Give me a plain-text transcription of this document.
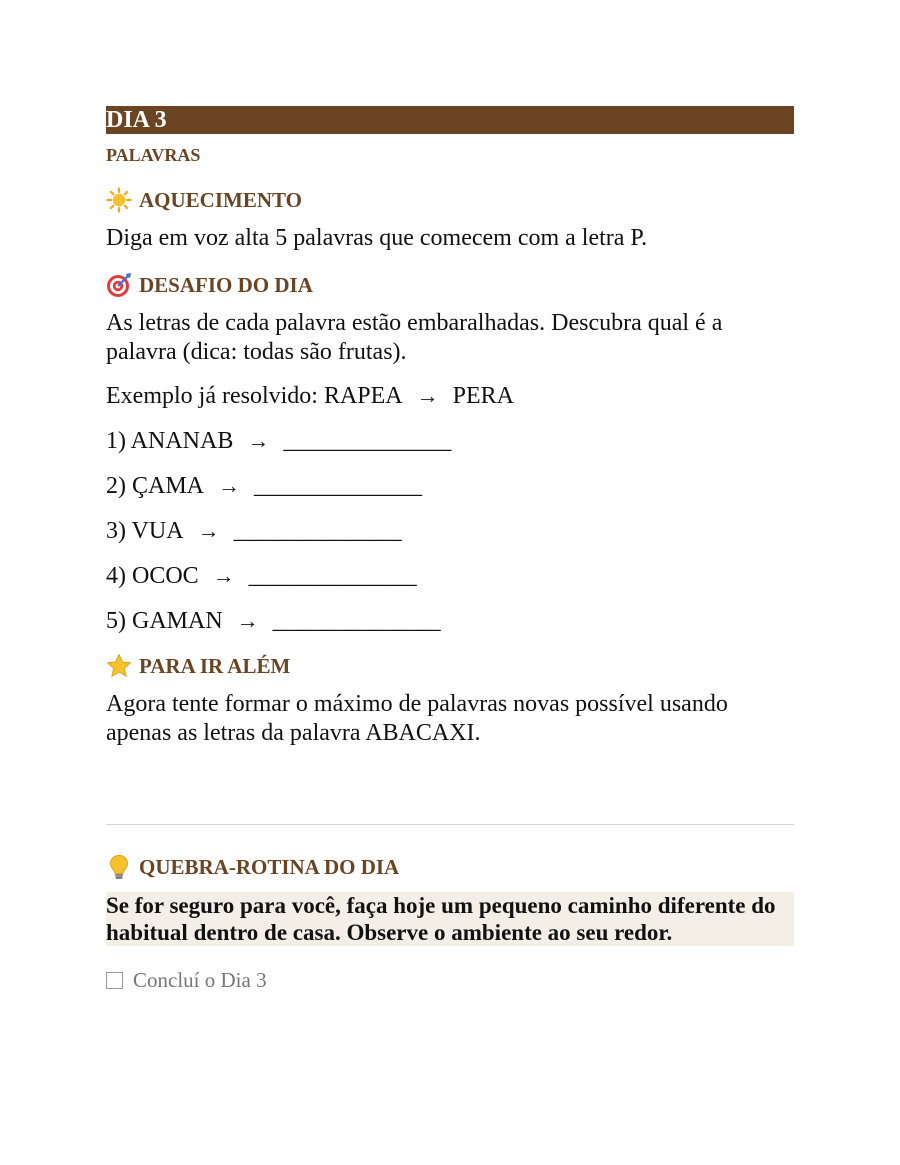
DIA 3
PALAVRAS
AQUECIMENTO
Diga em voz alta 5 palavras que comecem com a letra P.
DESAFIO DO DIA
As letras de cada palavra estão embaralhadas. Descubra qual é a palavra (dica: todas são frutas).
Exemplo já resolvido: RAPEA → PERA
1) ANANAB → ______________
2) ÇAMA → ______________
3) VUA → ______________
4) OCOC → ______________
5) GAMAN → ______________
PARA IR ALÉM
Agora tente formar o máximo de palavras novas possível usando apenas as letras da palavra ABACAXI.
QUEBRA-ROTINA DO DIA
Se for seguro para você, faça hoje um pequeno caminho diferente do habitual dentro de casa. Observe o ambiente ao seu redor.
Concluí o Dia 3
